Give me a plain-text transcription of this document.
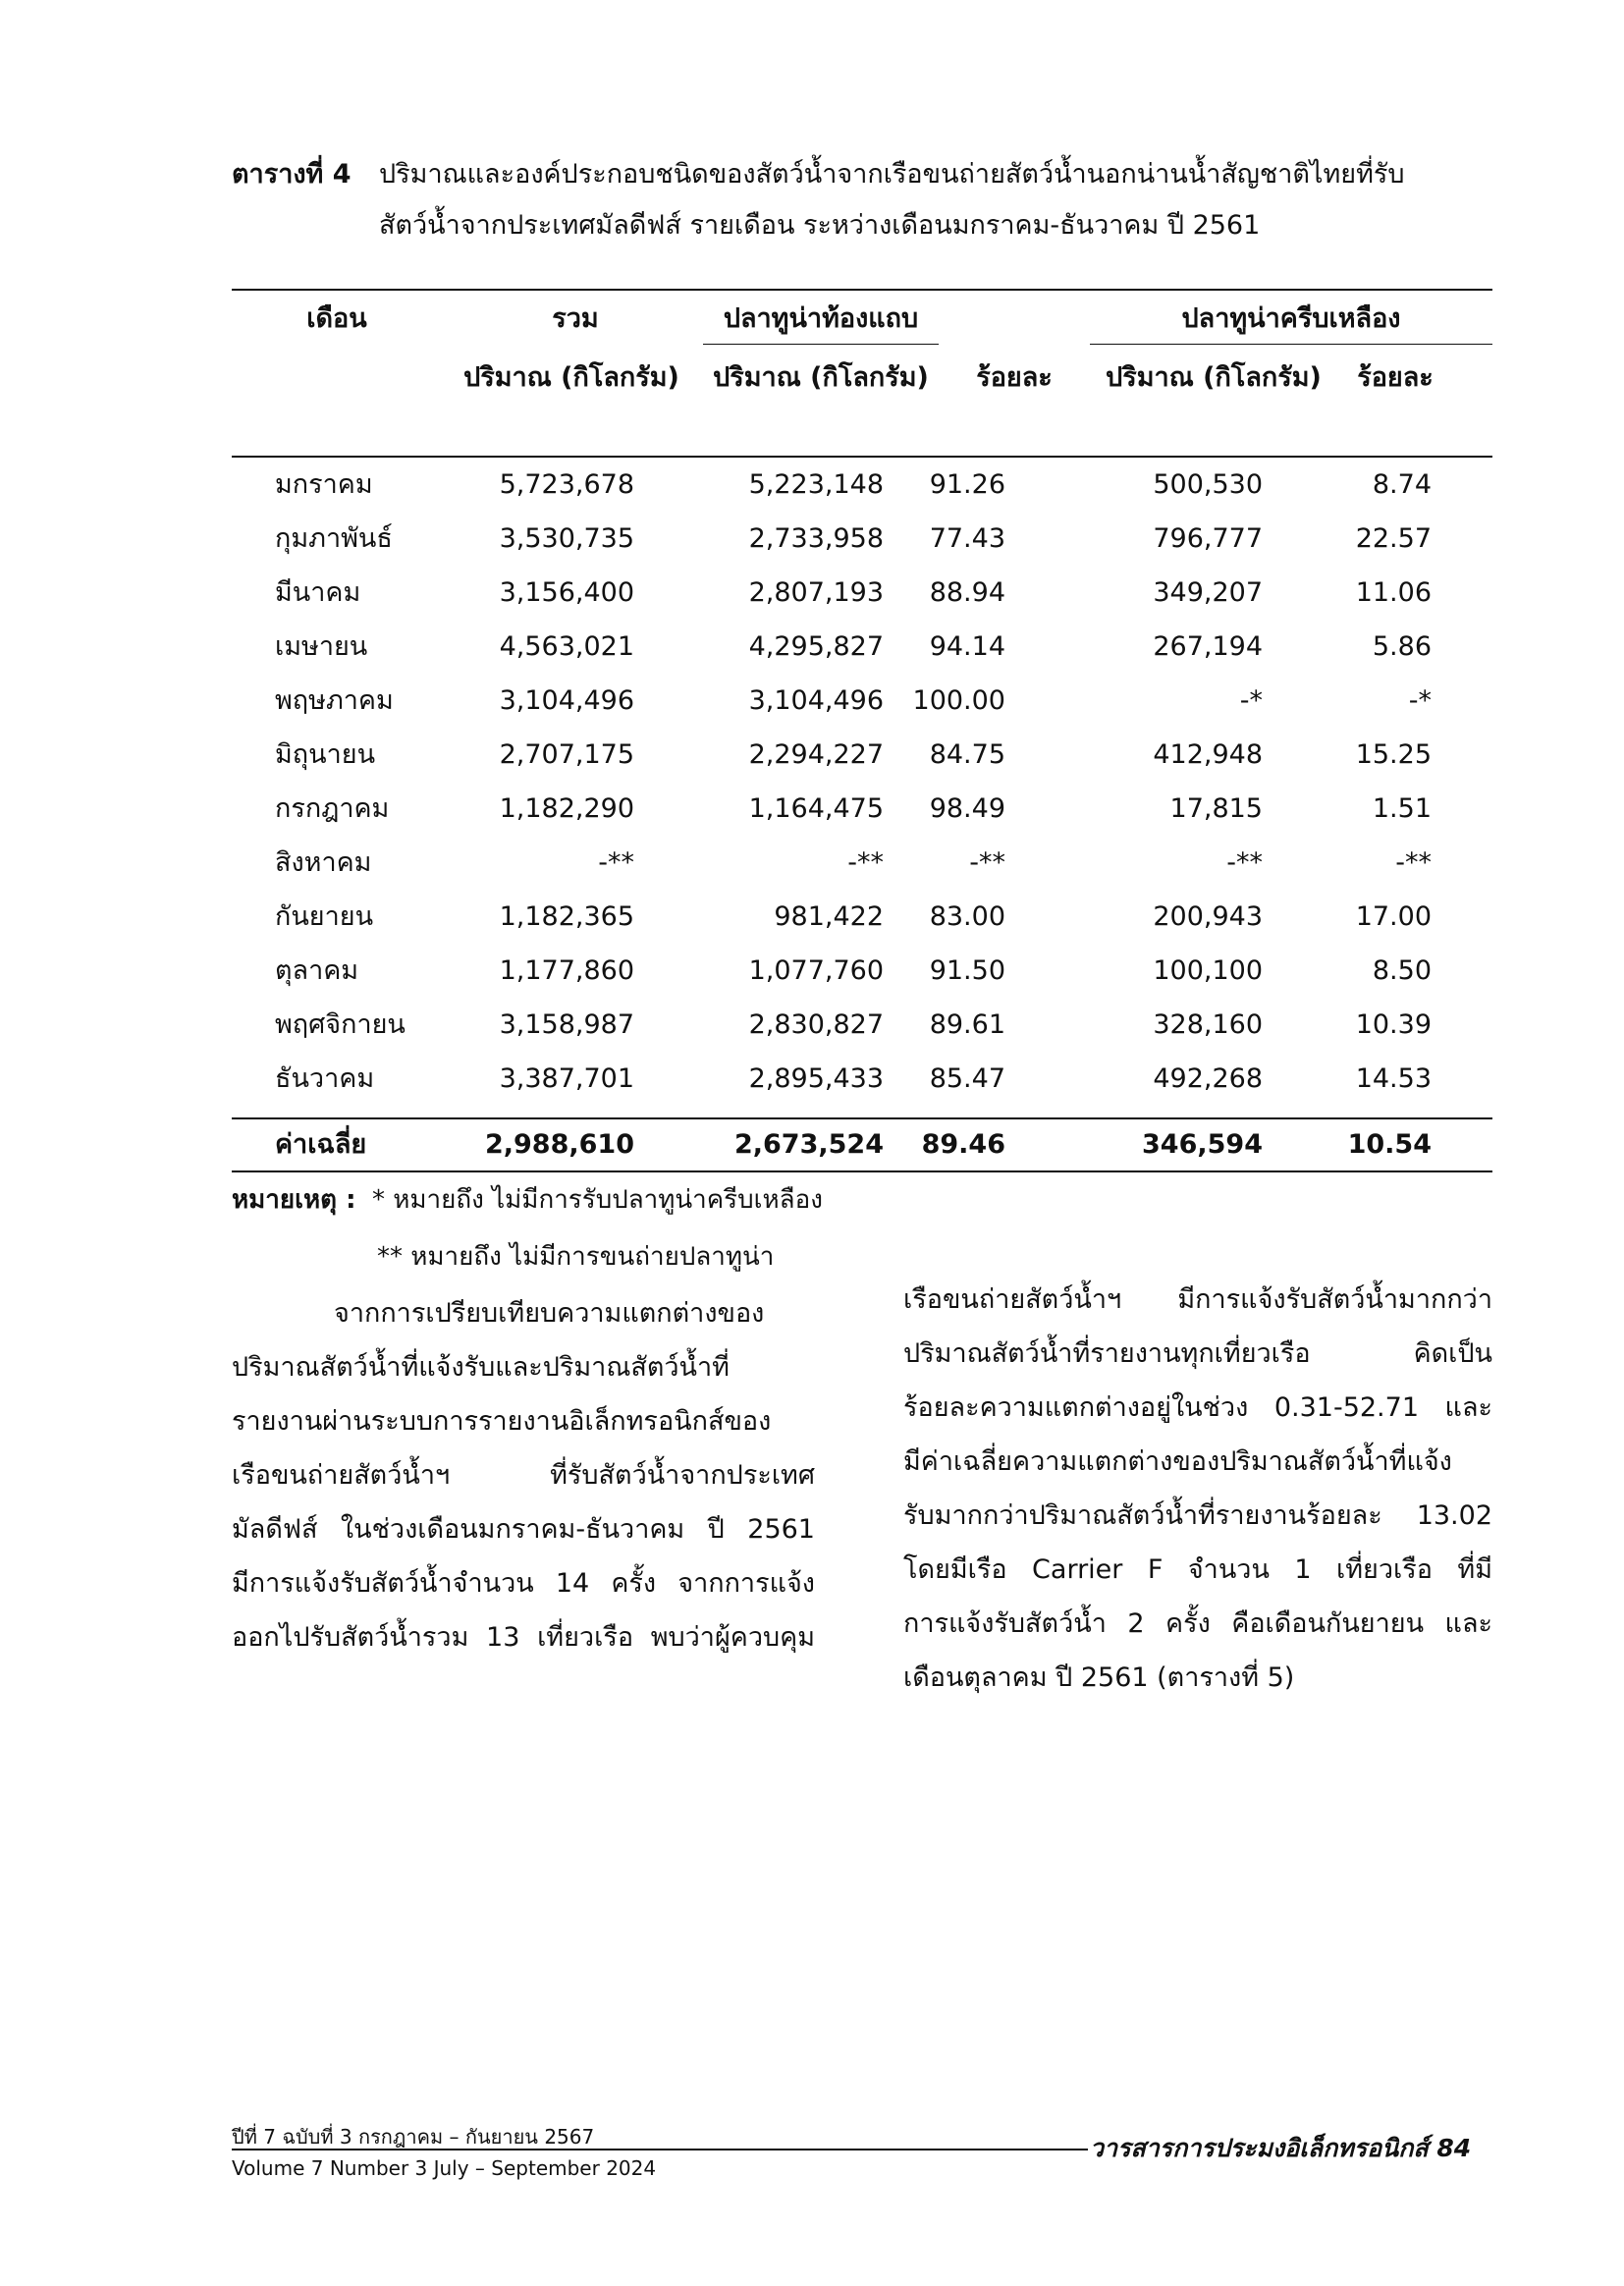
ตารางที่ 4 ปริมาณและองค์ประกอบชนิดของสัตว์น้ำจากเรือขนถ่ายสัตว์น้ำนอกน่านน้ำสัญชาติไทยที่รับ
สัตว์น้ำจากประเทศมัลดีฟส์ รายเดือน ระหว่างเดือนมกราคม-ธันวาคม ปี 2561
เดือน	รวม	ปลาทูน่าท้องแถบ	ปลาทูน่าครีบเหลือง
ปริมาณ (กิโลกรัม)	ปริมาณ (กิโลกรัม)	ร้อยละ	ปริมาณ (กิโลกรัม)	ร้อยละ
มกราคม	5,723,678	5,223,148	91.26	500,530	8.74
กุมภาพันธ์	3,530,735	2,733,958	77.43	796,777	22.57
มีนาคม	3,156,400	2,807,193	88.94	349,207	11.06
เมษายน	4,563,021	4,295,827	94.14	267,194	5.86
พฤษภาคม	3,104,496	3,104,496	100.00	-*	-*
มิถุนายน	2,707,175	2,294,227	84.75	412,948	15.25
กรกฎาคม	1,182,290	1,164,475	98.49	17,815	1.51
สิงหาคม	-**	-**	-**	-**	-**
กันยายน	1,182,365	981,422	83.00	200,943	17.00
ตุลาคม	1,177,860	1,077,760	91.50	100,100	8.50
พฤศจิกายน	3,158,987	2,830,827	89.61	328,160	10.39
ธันวาคม	3,387,701	2,895,433	85.47	492,268	14.53
ค่าเฉลี่ย	2,988,610	2,673,524	89.46	346,594	10.54
หมายเหตุ : * หมายถึง ไม่มีการรับปลาทูน่าครีบเหลือง
** หมายถึง ไม่มีการขนถ่ายปลาทูน่า
จากการเปรียบเทียบความแตกต่างของ
ปริมาณสัตว์น้ำที่แจ้งรับและปริมาณสัตว์น้ำที่
รายงานผ่านระบบการรายงานอิเล็กทรอนิกส์ของ
เรือขนถ่ายสัตว์น้ำฯ ที่รับสัตว์น้ำจากประเทศ
มัลดีฟส์ ในช่วงเดือนมกราคม-ธันวาคม ปี 2561
มีการแจ้งรับสัตว์น้ำจำนวน 14 ครั้ง จากการแจ้ง
ออกไปรับสัตว์น้ำรวม 13 เที่ยวเรือ พบว่าผู้ควบคุม
เรือขนถ่ายสัตว์น้ำฯ มีการแจ้งรับสัตว์น้ำมากกว่า
ปริมาณสัตว์น้ำที่รายงานทุกเที่ยวเรือ คิดเป็น
ร้อยละความแตกต่างอยู่ในช่วง 0.31-52.71 และ
มีค่าเฉลี่ยความแตกต่างของปริมาณสัตว์น้ำที่แจ้ง
รับมากกว่าปริมาณสัตว์น้ำที่รายงานร้อยละ 13.02
โดยมีเรือ Carrier F จำนวน 1 เที่ยวเรือ ที่มี
การแจ้งรับสัตว์น้ำ 2 ครั้ง คือเดือนกันยายน และ
เดือนตุลาคม ปี 2561 (ตารางที่ 5)
ปีที่ 7 ฉบับที่ 3 กรกฎาคม – กันยายน 2567
Volume 7 Number 3 July – September 2024
วารสารการประมงอิเล็กทรอนิกส์ 84
